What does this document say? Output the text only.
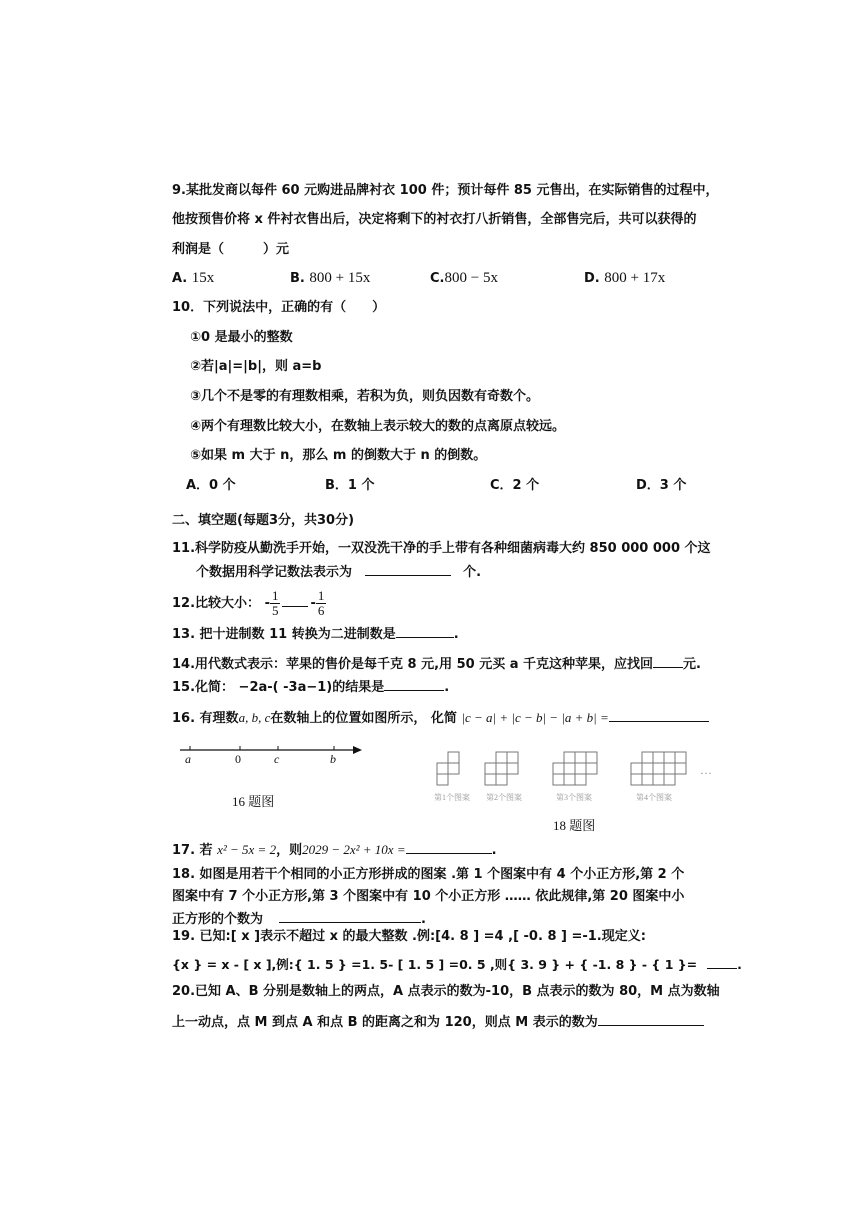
9.某批发商以每件 60 元购进品牌衬衣 100 件；预计每件 85 元售出，在实际销售的过程中，
他按预售价将 x 件衬衣售出后，决定将剩下的衬衣打八折销售，全部售完后，共可以获得的
利润是（　　　）元
A. 15x	B. 800 + 15x	C.800 − 5x	D. 800 + 17x
10．下列说法中，正确的有（　　）
①0 是最小的整数
②若|a|=|b|，则 a=b
③几个不是零的有理数相乘，若积为负，则负因数有奇数个。
④两个有理数比较大小，在数轴上表示较大的数的点离原点较远。
⑤如果 m 大于 n，那么 m 的倒数大于 n 的倒数。
A．0 个	B．1 个	C．2 个	D．3 个
二、填空题(每题3分，共30分)
11.科学防疫从勤洗手开始，一双没洗干净的手上带有各种细菌病毒大约 850 000 000 个这
个数据用科学记数法表示为	个.
12.比较大小： - $\frac{1}{5} - \frac{1}{6}$
13. 把十进制数 11 转换为二进制数是	.
14.用代数式表示：苹果的售价是每千克 8 元,用 50 元买 a 千克这种苹果，应找回 元.
15.化简： −2a-( -3a−1)的结果是	.
16. 有理数a, b, c在数轴上的位置如图所示， 化简 |c − a| + |c − b| − |a + b| =
a	0	c	b
16 题图	第1个图案 第2个图案	第3个图案	第4个图案
…
18 题图
17. 若 x² − 5x = 2，则2029 − 2x² + 10x =	.
18. 如图是用若干个相同的小正方形拼成的图案 .第 1 个图案中有 4 个小正方形,第 2 个
图案中有 7 个小正方形,第 3 个图案中有 10 个小正方形 …… 依此规律,第 20 图案中小
正方形的个数为	.
19. 已知:[ x ]表示不超过 x 的最大整数 .例:[4. 8 ] =4 ,[ -0. 8 ] =-1.现定义:
{x } = x - [ x ],例:{ 1. 5 } =1. 5- [ 1. 5 ] =0. 5 ,则{ 3. 9 } + { -1. 8 } - { 1 }=	.
20.已知 A、B 分别是数轴上的两点，A 点表示的数为-10，B 点表示的数为 80，M 点为数轴
上一动点，点 M 到点 A 和点 B 的距离之和为 120，则点 M 表示的数为
